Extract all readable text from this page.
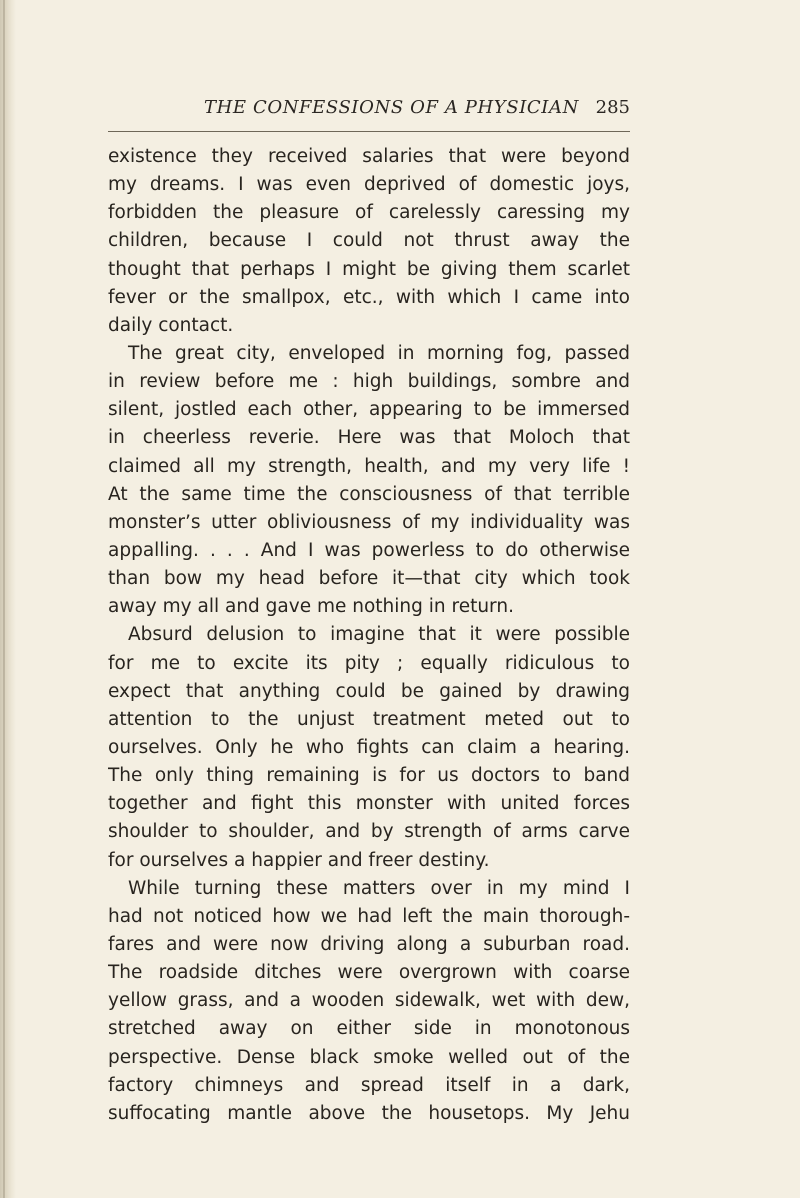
THE CONFESSIONS OF A PHYSICIAN 285
existence they received salaries that were beyond
my dreams. I was even deprived of domestic joys,
forbidden the pleasure of carelessly caressing my
children, because I could not thrust away the
thought that perhaps I might be giving them scarlet
fever or the smallpox, etc., with which I came into
daily contact.
The great city, enveloped in morning fog, passed
in review before me : high buildings, sombre and
silent, jostled each other, appearing to be immersed
in cheerless reverie. Here was that Moloch that
claimed all my strength, health, and my very life !
At the same time the consciousness of that terrible
monster’s utter obliviousness of my individuality was
appalling. . . . And I was powerless to do otherwise
than bow my head before it—that city which took
away my all and gave me nothing in return.
Absurd delusion to imagine that it were possible
for me to excite its pity ; equally ridiculous to
expect that anything could be gained by drawing
attention to the unjust treatment meted out to
ourselves. Only he who fights can claim a hearing.
The only thing remaining is for us doctors to band
together and fight this monster with united forces
shoulder to shoulder, and by strength of arms carve
for ourselves a happier and freer destiny.
While turning these matters over in my mind I
had not noticed how we had left the main thorough-
fares and were now driving along a suburban road.
The roadside ditches were overgrown with coarse
yellow grass, and a wooden sidewalk, wet with dew,
stretched away on either side in monotonous
perspective. Dense black smoke welled out of the
factory chimneys and spread itself in a dark,
suffocating mantle above the housetops. My Jehu
